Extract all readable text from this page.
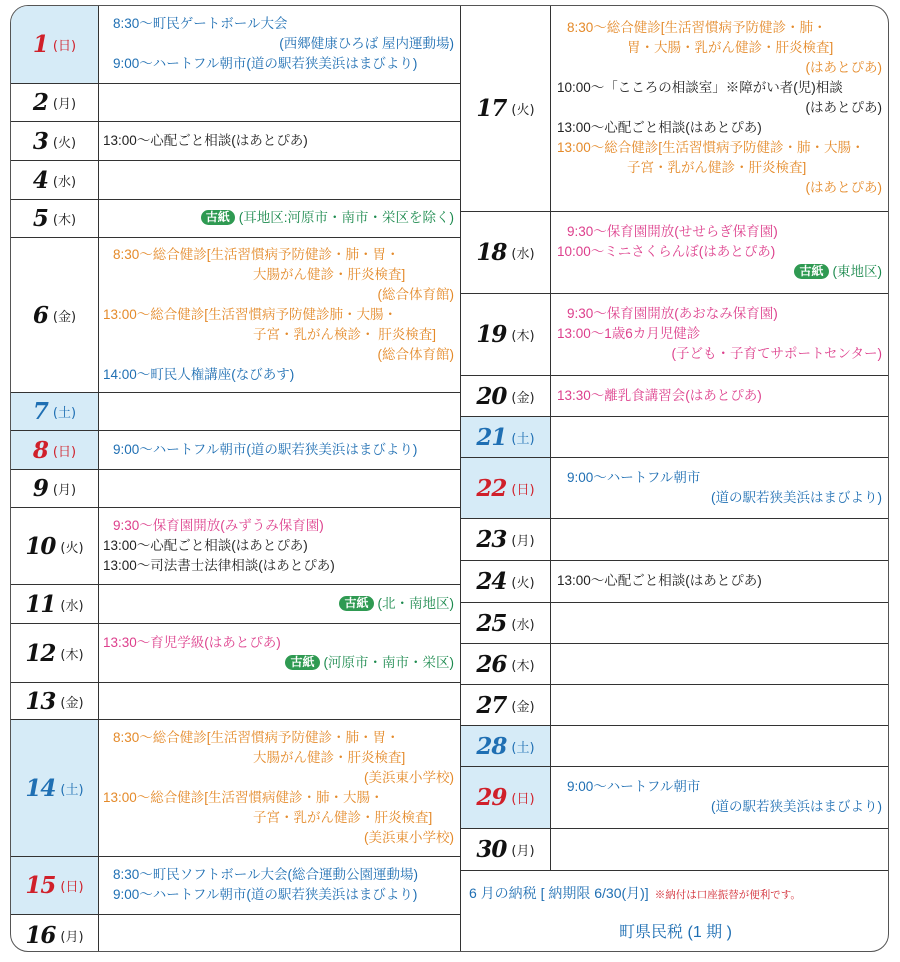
1 (日)
8:30～町民ゲートボール大会
(西郷健康ひろば 屋内運動場)
9:00～ハートフル朝市(道の駅若狭美浜はまびより)
2 (月)
3 (火) 13:00～心配ごと相談(はあとぴあ)
4 (水)
5 (木)	古紙 (耳地区:河原市・南市・栄区を除く)
6 (金)
8:30～総合健診[生活習慣病予防健診・肺・胃・
大腸がん健診・肝炎検査]
(総合体育館)
13:00～総合健診[生活習慣病予防健診肺・大腸・
子宮・乳がん検診・ 肝炎検査]
(総合体育館)
14:00～町民人権講座(なびあす)
7 (土)
8 (日)	9:00～ハートフル朝市(道の駅若狭美浜はまびより)
9 (月)
10 (火)
9:30～保育園開放(みずうみ保育園)
13:00～心配ごと相談(はあとぴあ)
13:00～司法書士法律相談(はあとぴあ)
11 (水)	古紙 (北・南地区)
12 (木)
13:30～育児学級(はあとぴあ)
古紙 (河原市・南市・栄区)
13 (金)
14 (土)
8:30～総合健診[生活習慣病予防健診・肺・胃・
大腸がん健診・肝炎検査]
(美浜東小学校)
13:00～総合健診[生活習慣病健診・肺・大腸・
子宮・乳がん健診・肝炎検査]
(美浜東小学校)
15 (日)
8:30～町民ソフトボール大会(総合運動公園運動場)
9:00～ハートフル朝市(道の駅若狭美浜はまびより)
16 (月)
17 (火)
8:30～総合健診[生活習慣病予防健診・肺・
胃・大腸・乳がん健診・肝炎検査]
(はあとぴあ)
10:00～「こころの相談室」※障がい者(児)相談
(はあとぴあ)
13:00～心配ごと相談(はあとぴあ)
13:00～総合健診[生活習慣病予防健診・肺・大腸・
子宮・乳がん健診・肝炎検査]
(はあとぴあ)
18 (水)
9:30～保育園開放(せせらぎ保育園)
10:00～ミニさくらんぼ(はあとぴあ)
古紙 (東地区)
19 (木)
9:30～保育園開放(あおなみ保育園)
13:00～1歳6カ月児健診
(子ども・子育てサポートセンター)
20 (金) 13:30～離乳食講習会(はあとぴあ)
21 (土)
22 (日)
9:00～ハートフル朝市
(道の駅若狭美浜はまびより)
23 (月)
24 (火) 13:00～心配ごと相談(はあとぴあ)
25 (水)
26 (木)
27 (金)
28 (土)
29 (日)
9:00～ハートフル朝市
(道の駅若狭美浜はまびより)
30 (月)
6 月の納税 [ 納期限 6/30(月)] ※納付は口座振替が便利です。
町県民税 (1 期 )
